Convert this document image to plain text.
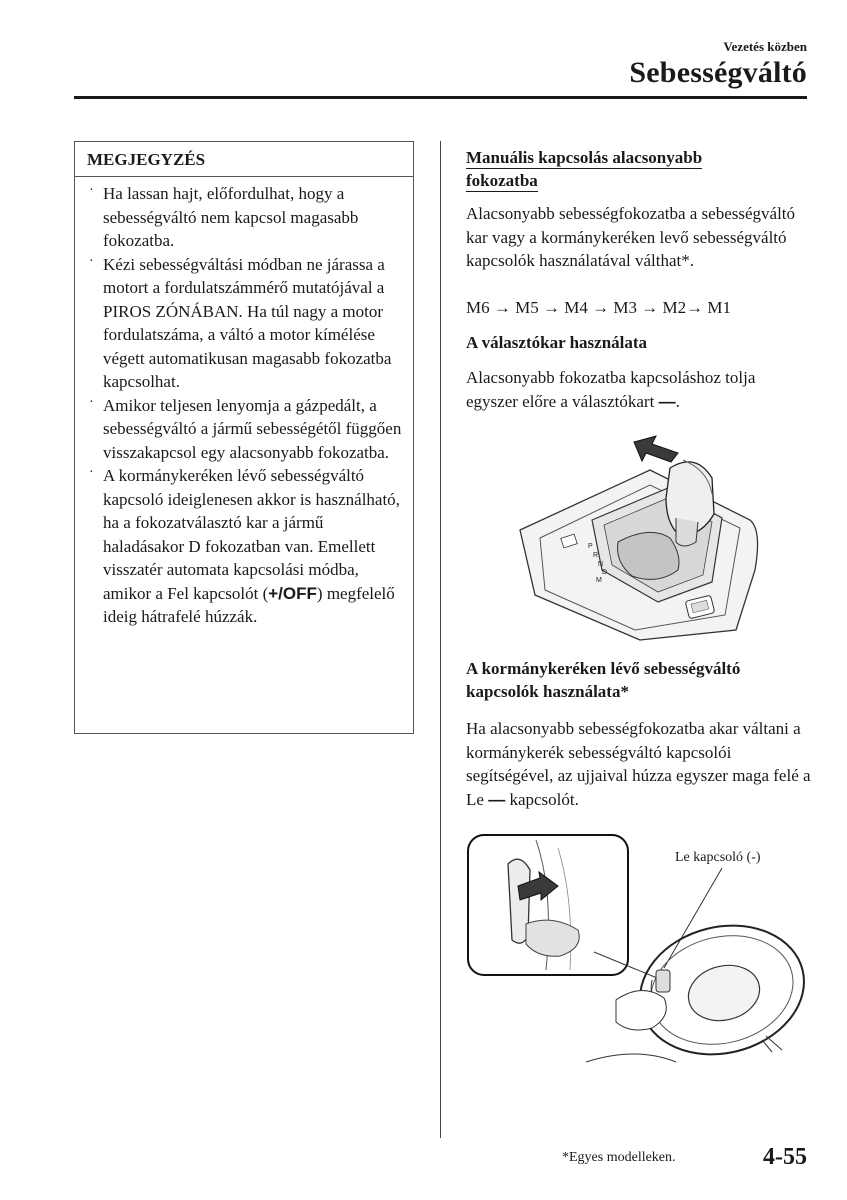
Vezetés közben
Sebességváltó
MEGJEGYZÉS
· Ha lassan hajt, előfordulhat, hogy a sebességváltó nem kapcsol magasabb fokozatba.
· Kézi sebességváltási módban ne járassa a motort a fordulatszámmérő mutatójával a PIROS ZÓNÁBAN. Ha túl nagy a motor fordulatszáma, a váltó a motor kímélése végett automatikusan magasabb fokozatba kapcsolhat.
· Amikor teljesen lenyomja a gázpedált, a sebességváltó a jármű sebességétől függően visszakapcsol egy alacsonyabb fokozatba.
· A kormánykeréken lévő sebességváltó kapcsoló ideiglenesen akkor is használható, ha a fokozatválasztó kar a jármű haladásakor D fokozatban van. Emellett visszatér automata kapcsolási módba, amikor a Fel kapcsolót (+/OFF) megfelelő ideig hátrafelé húzzák.
Manuális kapcsolás alacsonyabb
fokozatba
Alacsonyabb sebességfokozatba a sebességváltó kar vagy a kormánykeréken levő sebességváltó kapcsolók használatával válthat*.
M6 → M5 → M4 → M3 → M2→ M1
A választókar használata
Alacsonyabb fokozatba kapcsoláshoz tolja egyszer előre a választókart —.
P
R
N
D
M
A kormánykeréken lévő sebességváltó
kapcsolók használata*
Ha alacsonyabb sebességfokozatba akar váltani a kormánykerék sebességváltó kapcsolói segítségével, az ujjaival húzza egyszer maga felé a Le — kapcsolót.
Le kapcsoló (-)
*Egyes modelleken.	4-55
